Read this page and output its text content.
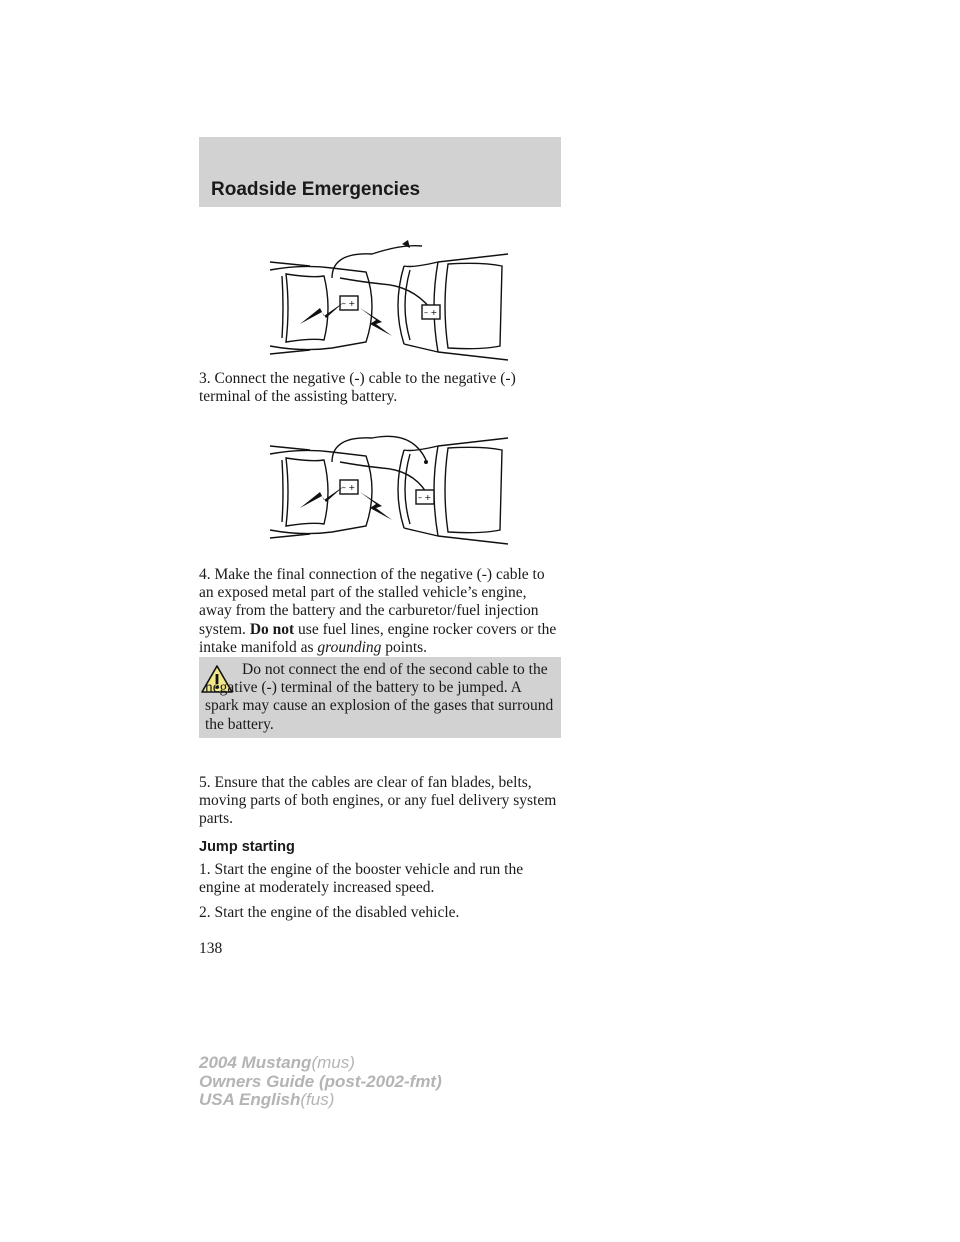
Roadside Emergencies
– +
– +

3. Connect the negative (-) cable to the negative (-) terminal of the assisting battery.

– +
– +

4. Make the final connection of the negative (-) cable to an exposed metal part of the stalled vehicle’s engine, away from the battery and the carburetor/fuel injection system. Do not use fuel lines, engine rocker covers or the intake manifold as grounding points.

Do not connect the end of the second cable to the negative (-) terminal of the battery to be jumped. A spark may cause an explosion of the gases that surround the battery.

5. Ensure that the cables are clear of fan blades, belts, moving parts of both engines, or any fuel delivery system parts.

Jump starting

1. Start the engine of the booster vehicle and run the engine at moderately increased speed.

2. Start the engine of the disabled vehicle.

138
2004 Mustang(mus)
Owners Guide (post-2002-fmt)
USA English(fus)
